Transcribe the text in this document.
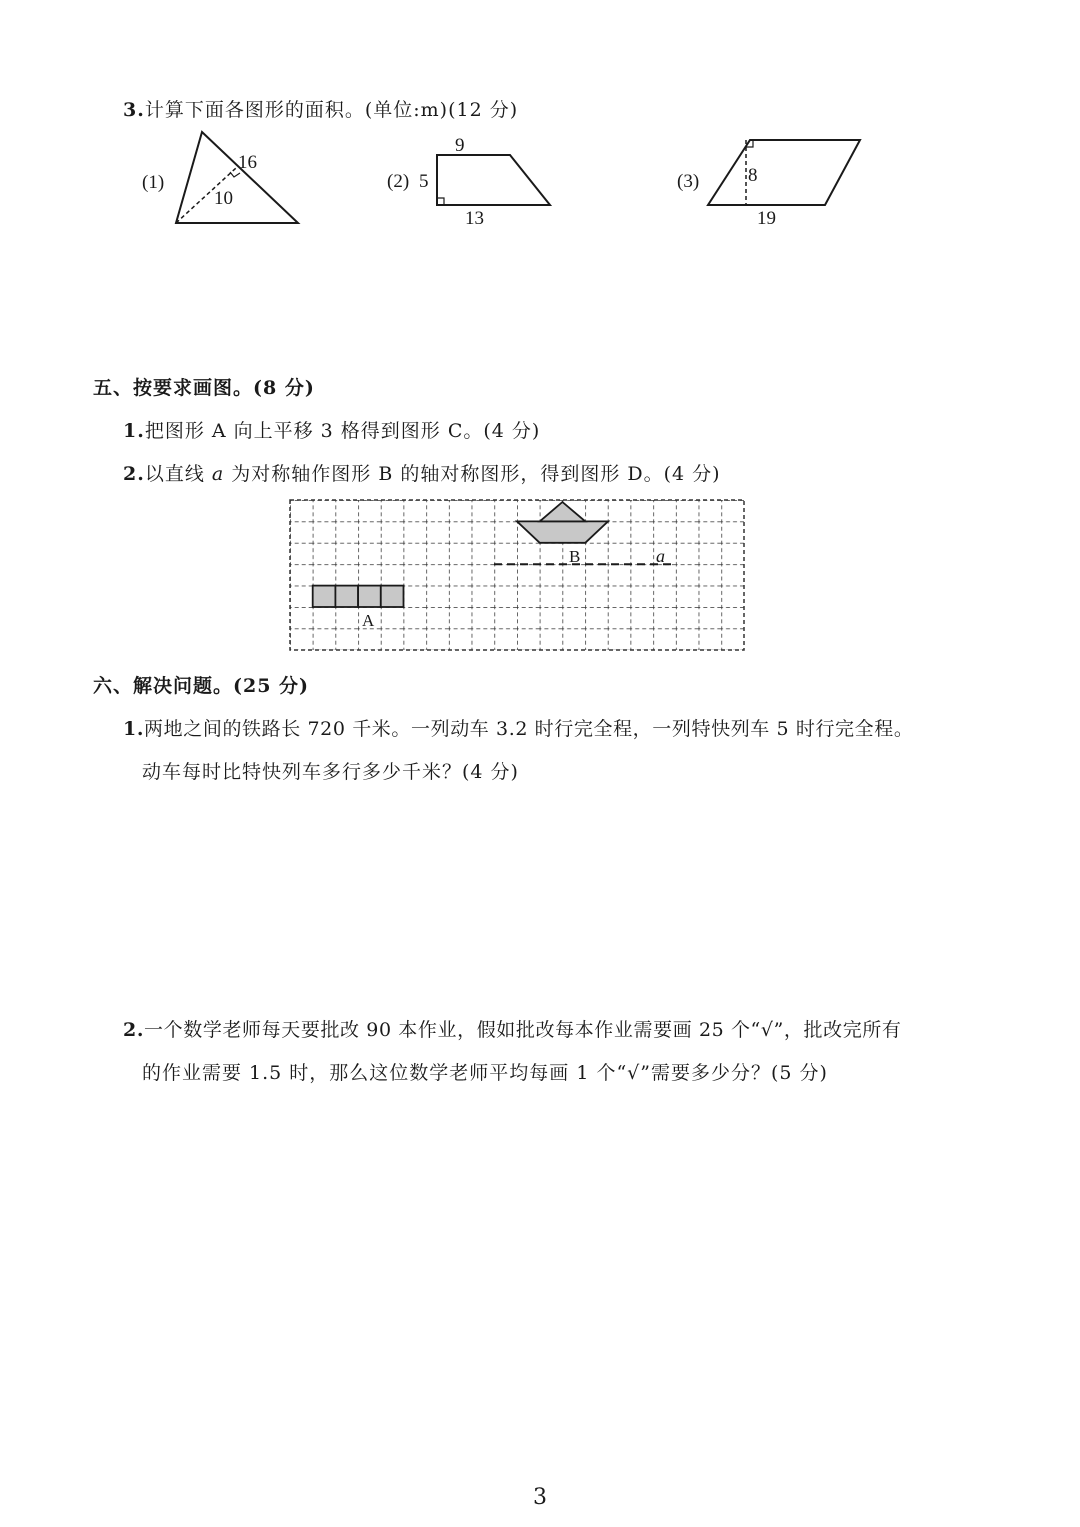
3.计算下面各图形的面积。(单位:m)(12 分)
(1)
16
10
(2) 5
9
13
(3)	8
19
五、按要求画图。(8 分)
1.把图形 A 向上平移 3 格得到图形 C。(4 分)
2.以直线 a 为对称轴作图形 B 的轴对称图形，得到图形 D。(4 分)
A
B	a
六、解决问题。(25 分)
1.两地之间的铁路长 720 千米。一列动车 3.2 时行完全程，一列特快列车 5 时行完全程。
动车每时比特快列车多行多少千米？(4 分)
2.一个数学老师每天要批改 90 本作业，假如批改每本作业需要画 25 个“√”，批改完所有
的作业需要 1.5 时，那么这位数学老师平均每画 1 个“√”需要多少分？(5 分)
3
